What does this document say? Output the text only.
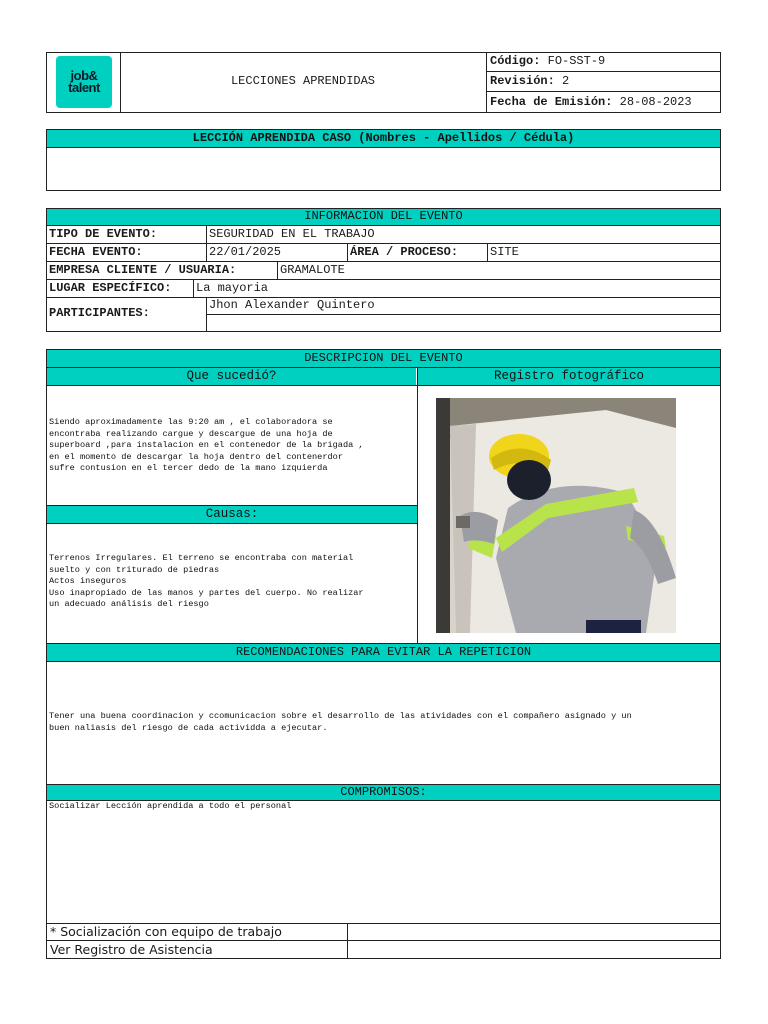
job&
talent	LECCIONES APRENDIDAS
Código: FO-SST-9
Revisión: 2
Fecha de Emisión: 28-08-2023
LECCIÓN APRENDIDA CASO (Nombres - Apellidos / Cédula)
INFORMACION DEL EVENTO
TIPO DE EVENTO:	SEGURIDAD EN EL TRABAJO
FECHA EVENTO:	22/01/2025	ÁREA / PROCESO:	SITE
EMPRESA CLIENTE / USUARIA:	GRAMALOTE
LUGAR ESPECÍFICO: La mayoria
PARTICIPANTES:
Jhon Alexander Quintero
DESCRIPCION DEL EVENTO
Que sucedió?	Registro fotográfico
Siendo aproximadamente las 9:20 am , el colaboradora se
encontraba realizando cargue y descargue de una hoja de
superboard ,para instalacion en el contenedor de la brigada ,
en el momento de descargar la hoja dentro del contenerdor
sufre contusion en el tercer dedo de la mano izquierda
Causas:
Terrenos Irregulares. El terreno se encontraba con material
suelto y con triturado de piedras
Actos inseguros
Uso inapropiado de las manos y partes del cuerpo. No realizar
un adecuado análisis del riesgo
RECOMENDACIONES PARA EVITAR LA REPETICION
Tener una buena coordinacion y ccomunicacion sobre el desarrollo de las ativida​des con el compañero asignado y un
buen naliasis del riesgo de cada actividda a ejecutar.
COMPROMISOS:
Socializar Lección aprendida a todo el personal
* Socialización con equipo de trabajo
Ver Registro de Asistencia
